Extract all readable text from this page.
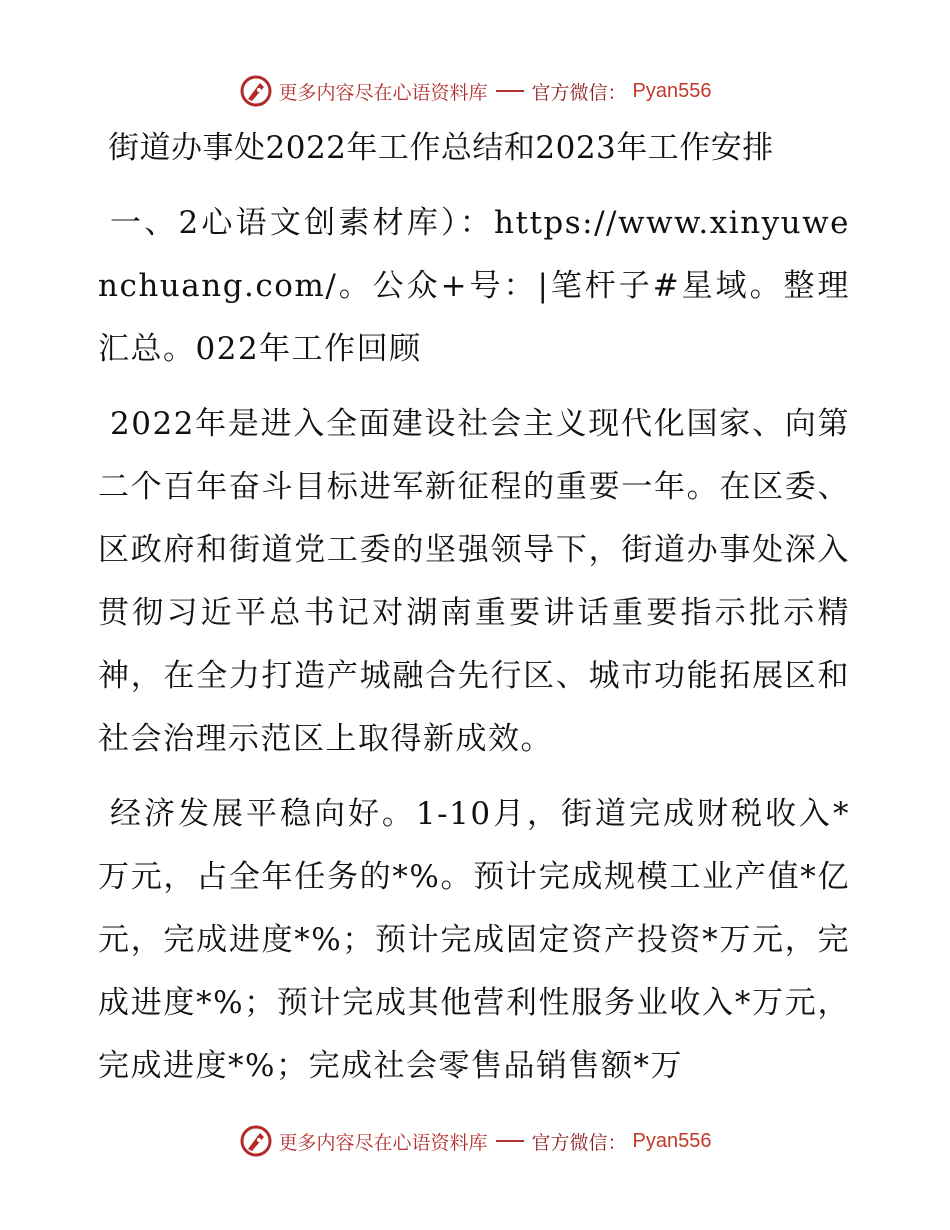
更多内容尽在心语资料库 官方微信： Pyan556
街道办事处2022年工作总结和2023年工作安排

一、2心语文创素材库）：https://www.xinyuwenchuang.com/。公众+号：|笔杆子#星域。整理汇总。022年工作回顾

2022年是进入全面建设社会主义现代化国家、向第二个百年奋斗目标进军新征程的重要一年。在区委、区政府和街道党工委的坚强领导下，街道办事处深入贯彻习近平总书记对湖南重要讲话重要指示批示精神，在全力打造产城融合先行区、城市功能拓展区和社会治理示范区上取得新成效。

经济发展平稳向好。1-10月，街道完成财税收入*万元，占全年任务的*%。预计完成规模工业产值*亿元，完成进度*%；预计完成固定资产投资*万元，完成进度*%；预计完成其他营利性服务业收入*万元，完成进度*%；完成社会零售品销售额*万

更多内容尽在心语资料库 官方微信： Pyan556
